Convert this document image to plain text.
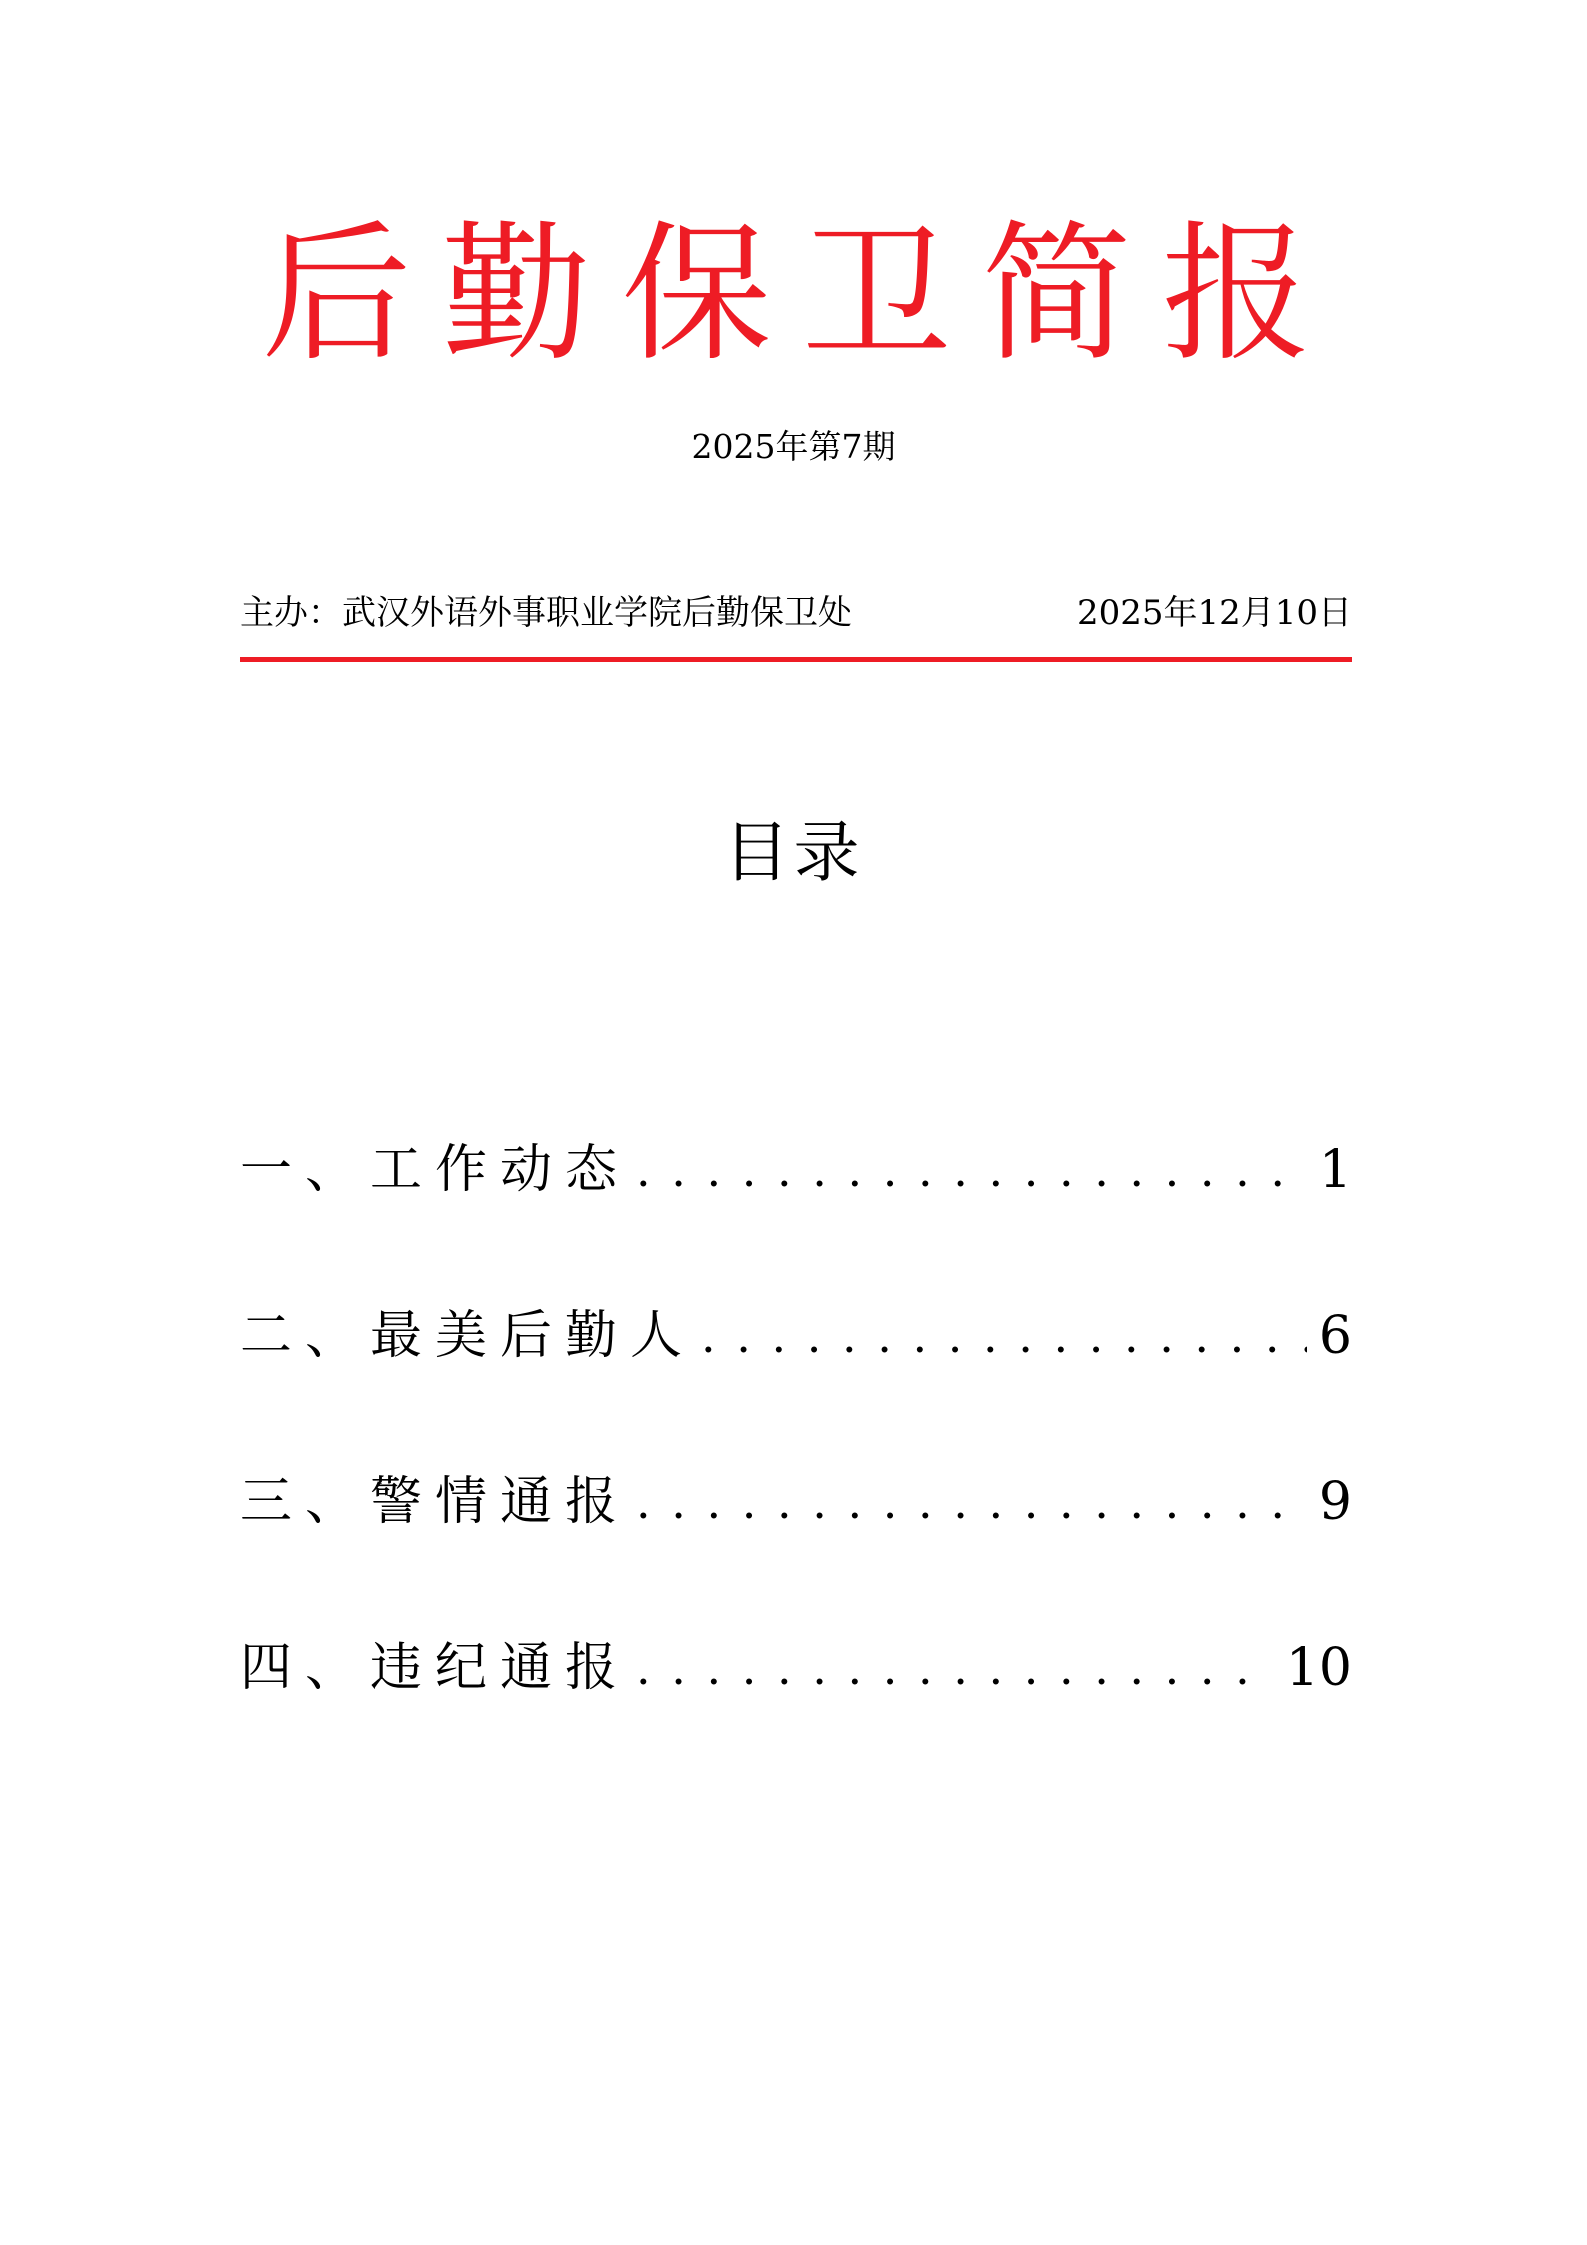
后勤保卫简报
2025年第7期
主办：武汉外语外事职业学院后勤保卫处	2025年12月10日
目录
一、工作动态 . . .	1
二、最美后勤人 . . .	6
三、警情通报 . . .	9
四、违纪通报 . . .	10
